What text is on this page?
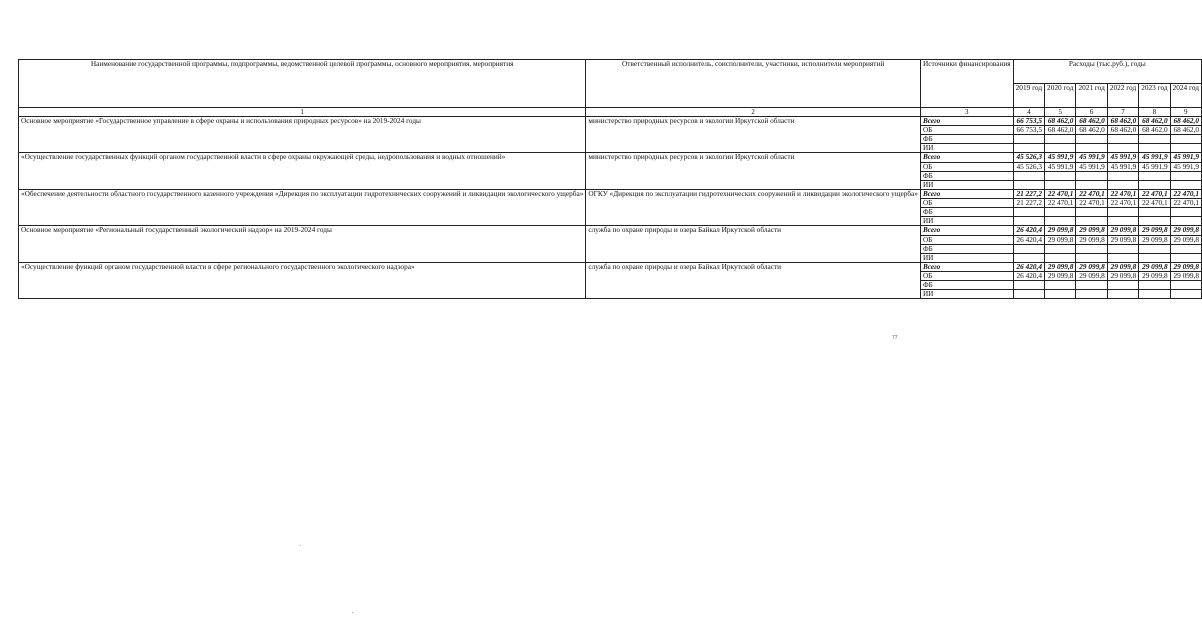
Наименование государственной программы, подпрограммы, ведомственной целевой программы, основного мероприятия, мероприятия	Ответственный исполнитель, соисполнители, участники, исполнители мероприятий	Источники финансирования	Расходы (тыс.руб.), годы					
			2019 год	2020 год	2021 год	2022 год	2023 год	2024 год
1	2	3	4	5	6	7	8	9
Основное мероприятие «Государственное управление в сфере охраны и использования природных ресурсов» на 2019-2024 годы	министерство природных ресурсов и экологии Иркутской области	Всего	66 753,5	68 462,0	68 462,0	68 462,0	68 462,0	68 462,0
		ОБ	66 753,5	68 462,0	68 462,0	68 462,0	68 462,0	68 462,0
		ФБ						
		ИИ						
«Осуществление государственных функций органом государственной власти в сфере охраны окружающей среды, недропользования и водных отношений»	министерство природных ресурсов и экологии Иркутской области	Всего	45 526,3	45 991,9	45 991,9	45 991,9	45 991,9	45 991,9
		ОБ	45 526,3	45 991,9	45 991,9	45 991,9	45 991,9	45 991,9
		ФБ						
		ИИ						
«Обеспечение деятельности областного государственного казенного учреждения «Дирекция по эксплуатации гидротехнических сооружений и ликвидации экологического ущерба»	ОГКУ «Дирекция по эксплуатации гидротехнических сооружений и ликвидации экологического ущерба»	Всего	21 227,2	22 470,1	22 470,1	22 470,1	22 470,1	22 470,1
		ОБ	21 227,2	22 470,1	22 470,1	22 470,1	22 470,1	22 470,1
		ФБ						
		ИИ						
Основное мероприятие «Региональный государственный экологический надзор» на 2019-2024 годы	служба по охране природы и озера Байкал Иркутской области	Всего	26 420,4	29 099,8	29 099,8	29 099,8	29 099,8	29 099,8
		ОБ	26 420,4	29 099,8	29 099,8	29 099,8	29 099,8	29 099,8
		ФБ						
		ИИ						
«Осуществление функций органом государственной власти в сфере регионального государственного экологического надзора»	служба по охране природы и озера Байкал Иркутской области	Всего	26 420,4	29 099,8	29 099,8	29 099,8	29 099,8	29 099,8
		ОБ	26 420,4	29 099,8	29 099,8	29 099,8	29 099,8	29 099,8
		ФБ						
		ИИ						
77
